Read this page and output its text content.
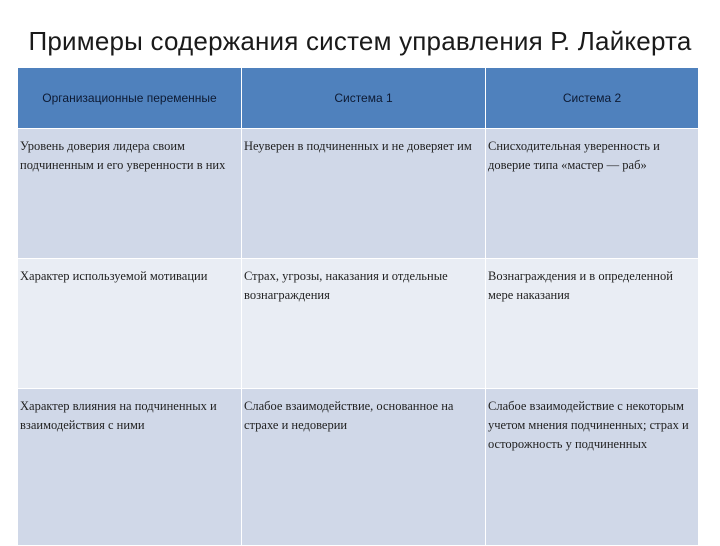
Примеры содержания систем управления Р. Лайкерта
Организационные переменные	Система 1	Система 2
Уровень доверия лидера своим подчиненным и его уверенности в них	Неуверен в подчиненных и не доверяет им	Снисходительная уверенность и доверие типа «мастер — раб»
Характер используемой мотивации	Страх, угрозы, наказания и отдельные вознаграждения	Вознаграждения и в определенной мере наказания
Характер влияния на подчиненных и взаимодействия с ними	Слабое взаимодействие, основанное на страхе и недоверии	Слабое взаимодействие с некоторым учетом мнения подчиненных; страх и осторожность у подчиненных
